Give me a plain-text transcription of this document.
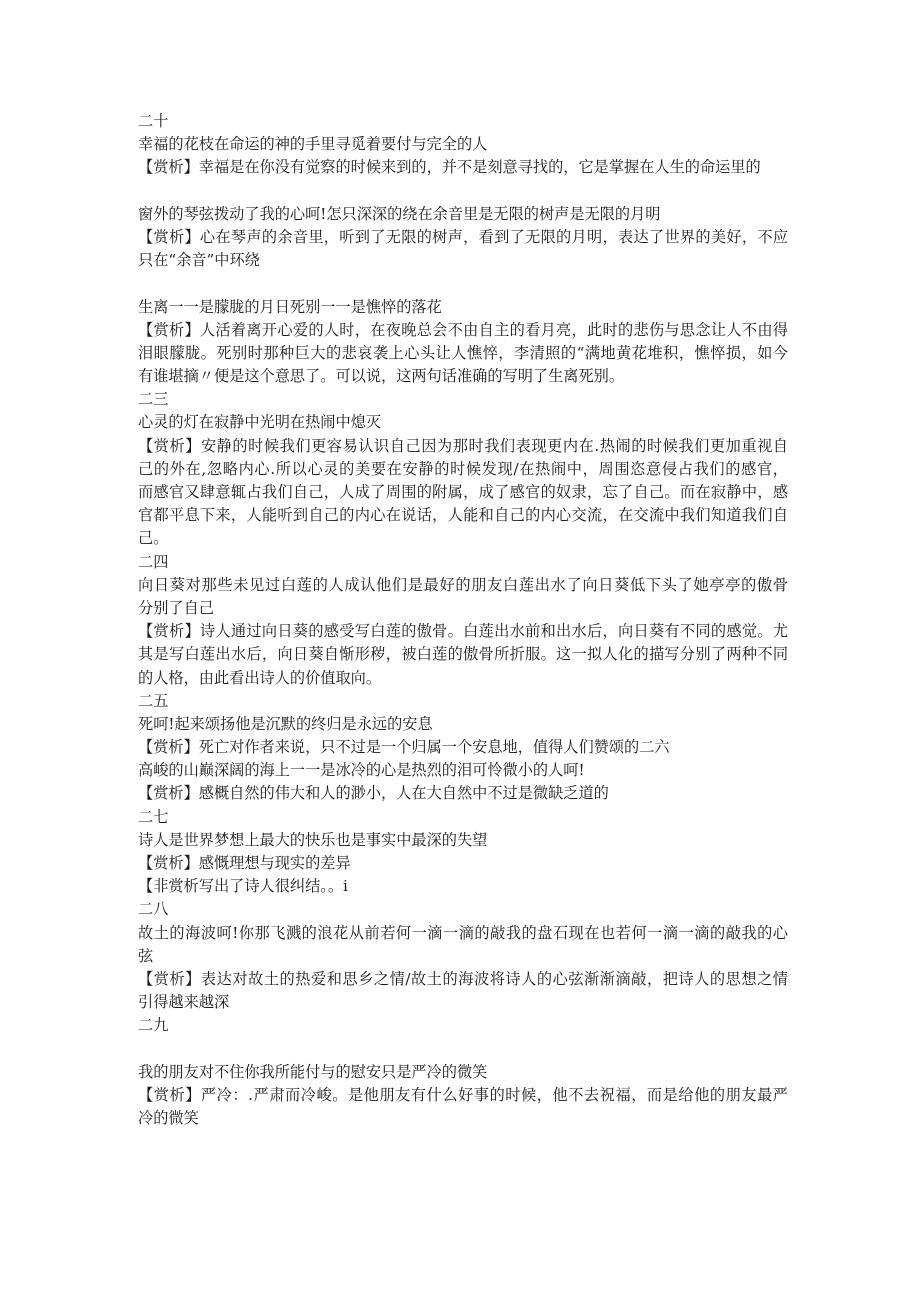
二十
幸福的花枝在命运的神的手里寻觅着要付与完全的人
【赏析】幸福是在你没有觉察的时候来到的，并不是刻意寻找的，它是掌握在人生的命运里的
窗外的琴弦拨动了我的心呵!怎只深深的绕在余音里是无限的树声是无限的月明
【赏析】心在琴声的余音里，听到了无限的树声，看到了无限的月明，表达了世界的美好，不应
只在“余音”中环绕
生离一一是朦胧的月日死别一一是憔悴的落花
【赏析】人活着离开心爱的人时，在夜晚总会不由自主的看月亮，此时的悲伤与思念让人不由得
泪眼朦胧。死别时那种巨大的悲哀袭上心头让人憔悴，李清照的“满地黄花堆积，憔悴损，如今
有谁堪摘〃便是这个意思了。可以说，这两句话准确的写明了生离死别。
二三
心灵的灯在寂静中光明在热闹中熄灭
【赏析】安静的时候我们更容易认识自己因为那时我们表现更内在.热闹的时候我们更加重视自
己的外在,忽略内心.所以心灵的美要在安静的时候发现/在热闹中，周围恣意侵占我们的感官，
而感官又肆意辄占我们自己，人成了周围的附属，成了感官的奴隶，忘了自己。而在寂静中，感
官都平息下来，人能听到自己的内心在说话，人能和自己的内心交流，在交流中我们知道我们自
己。
二四
向日葵对那些未见过白莲的人成认他们是最好的朋友白莲出水了向日葵低下头了她亭亭的傲骨
分别了自己
【赏析】诗人通过向日葵的感受写白莲的傲骨。白莲出水前和出水后，向日葵有不同的感觉。尤
其是写白莲出水后，向日葵自惭形秽，被白莲的傲骨所折服。这一拟人化的描写分别了两种不同
的人格，由此看出诗人的价值取向。
二五
死呵!起来颂扬他是沉默的终归是永远的安息
【赏析】死亡对作者来说，只不过是一个归属一个安息地，值得人们赞颂的二六
高峻的山巅深阔的海上一一是冰冷的心是热烈的泪可怜微小的人呵!
【赏析】感概自然的伟大和人的渺小，人在大自然中不过是微缺乏道的
二七
诗人是世界梦想上最大的快乐也是事实中最深的失望
【赏析】感慨理想与现实的差异
【非赏析写出了诗人很纠结。。i
二八
故土的海波呵!你那飞溅的浪花从前若何一滴一滴的敲我的盘石现在也若何一滴一滴的敲我的心
弦
【赏析】表达对故土的热爱和思乡之情/故土的海波将诗人的心弦渐渐滴敲，把诗人的思想之情
引得越来越深
二九
我的朋友对不住你我所能付与的慰安只是严冷的微笑
【赏析】严冷：.严肃而冷峻。是他朋友有什么好事的时候，他不去祝福，而是给他的朋友最严
冷的微笑
